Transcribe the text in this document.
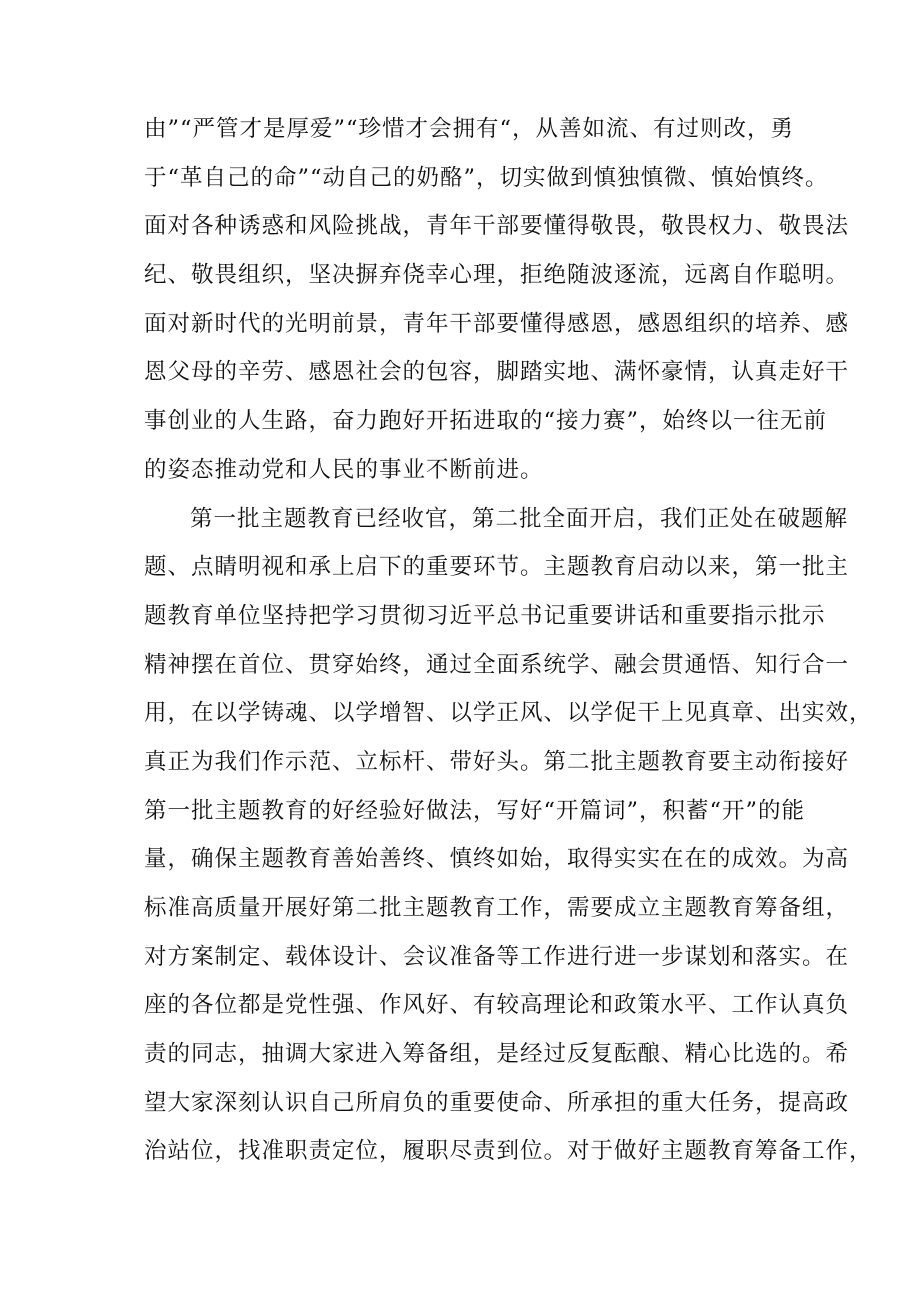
由”“严管才是厚爱”“珍惜才会拥有“，从善如流、有过则改，勇
于“革自己的命”“动自己的奶酪”，切实做到慎独慎微、慎始慎终。
面对各种诱惑和风险挑战，青年干部要懂得敬畏，敬畏权力、敬畏法
纪、敬畏组织，坚决摒弃侥幸心理，拒绝随波逐流，远离自作聪明。
面对新时代的光明前景，青年干部要懂得感恩，感恩组织的培养、感
恩父母的辛劳、感恩社会的包容，脚踏实地、满怀豪情，认真走好干
事创业的人生路，奋力跑好开拓进取的“接力赛”，始终以一往无前
的姿态推动党和人民的事业不断前进。
第一批主题教育已经收官，第二批全面开启，我们正处在破题解
题、点睛明视和承上启下的重要环节。主题教育启动以来，第一批主
题教育单位坚持把学习贯彻习近平总书记重要讲话和重要指示批示
精神摆在首位、贯穿始终，通过全面系统学、融会贯通悟、知行合一
用，在以学铸魂、以学增智、以学正风、以学促干上见真章、出实效，
真正为我们作示范、立标杆、带好头。第二批主题教育要主动衔接好
第一批主题教育的好经验好做法，写好“开篇词”，积蓄“开”的能
量，确保主题教育善始善终、慎终如始，取得实实在在的成效。为高
标准高质量开展好第二批主题教育工作，需要成立主题教育筹备组，
对方案制定、载体设计、会议准备等工作进行进一步谋划和落实。在
座的各位都是党性强、作风好、有较高理论和政策水平、工作认真负
责的同志，抽调大家进入筹备组，是经过反复酝酿、精心比选的。希
望大家深刻认识自己所肩负的重要使命、所承担的重大任务，提高政
治站位，找准职责定位，履职尽责到位。对于做好主题教育筹备工作，
